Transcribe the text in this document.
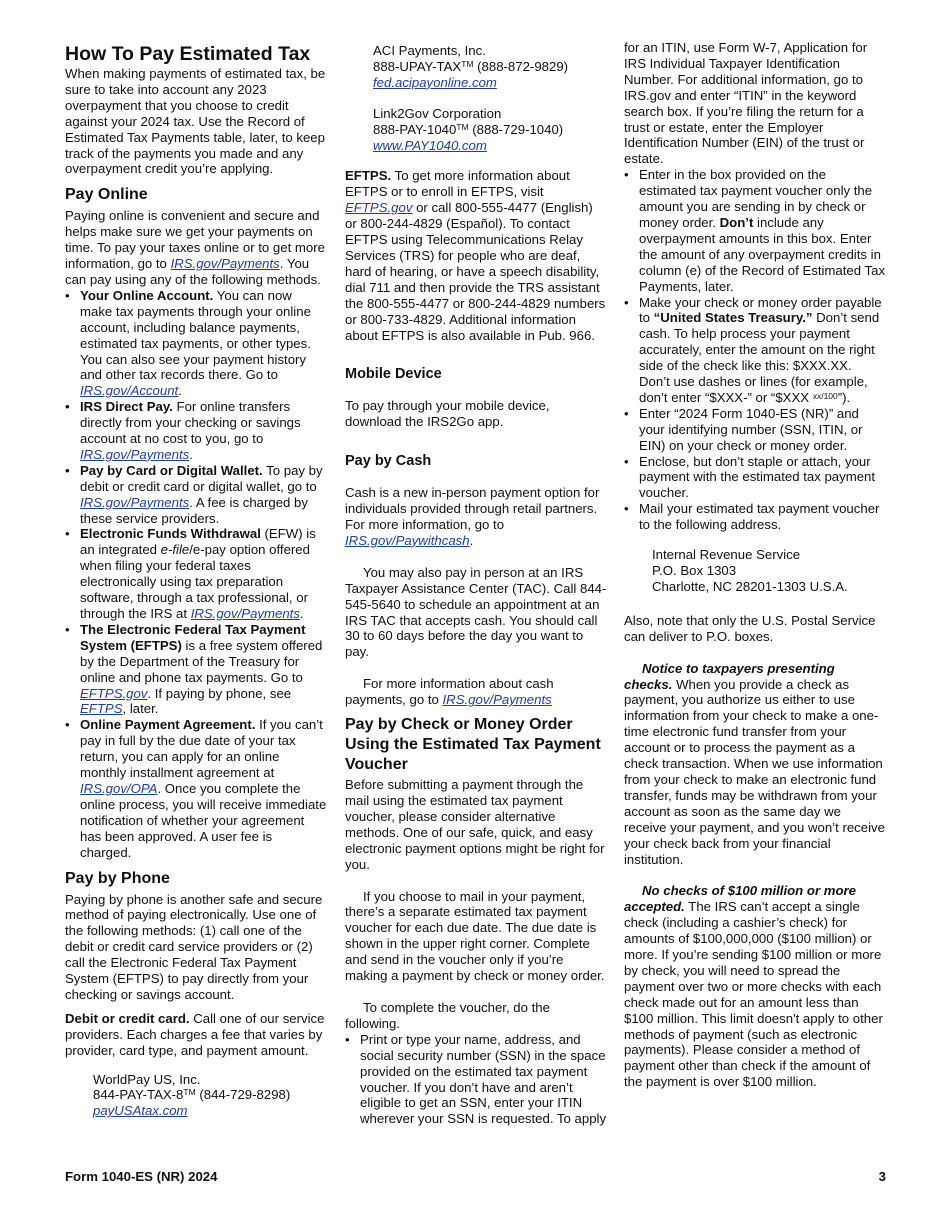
How To Pay Estimated Tax

When making payments of estimated tax, be sure to take into account any 2023 overpayment that you choose to credit against your 2024 tax. Use the Record of Estimated Tax Payments table, later, to keep track of the payments you made and any overpayment credit you’re applying.

Pay Online

Paying online is convenient and secure and helps make sure we get your payments on time. To pay your taxes online or to get more information, go to IRS.gov/Payments. You can pay using any of the following methods.

• Your Online Account. You can now make tax payments through your online account, including balance payments, estimated tax payments, or other types. You can also see your payment history and other tax records there. Go to IRS.gov/Account.

• IRS Direct Pay. For online transfers directly from your checking or savings account at no cost to you, go to IRS.gov/Payments.

• Pay by Card or Digital Wallet. To pay by debit or credit card or digital wallet, go to IRS.gov/Payments. A fee is charged by these service providers.

• Electronic Funds Withdrawal (EFW) is an integrated e-file/e-pay option offered when filing your federal taxes electronically using tax preparation software, through a tax professional, or through the IRS at IRS.gov/Payments.

• The Electronic Federal Tax Payment System (EFTPS) is a free system offered by the Department of the Treasury for online and phone tax payments. Go to EFTPS.gov. If paying by phone, see EFTPS, later.

• Online Payment Agreement. If you can’t pay in full by the due date of your tax return, you can apply for an online monthly installment agreement at IRS.gov/OPA. Once you complete the online process, you will receive immediate notification of whether your agreement has been approved. A user fee is charged.

Pay by Phone

Paying by phone is another safe and secure method of paying electronically. Use one of the following methods: (1) call one of the debit or credit card service providers or (2) call the Electronic Federal Tax Payment System (EFTPS) to pay directly from your checking or savings account.

Debit or credit card. Call one of our service providers. Each charges a fee that varies by provider, card type, and payment amount.

WorldPay US, Inc.
844-PAY-TAX-8™ (844-729-8298)
payUSAtax.com
ACI Payments, Inc.
888-UPAY-TAX™ (888-872-9829)
fed.acipayonline.com
Link2Gov Corporation
888-PAY-1040™ (888-729-1040)
www.PAY1040.com

EFTPS. To get more information about EFTPS or to enroll in EFTPS, visit EFTPS.gov or call 800-555-4477 (English) or 800-244-4829 (Español). To contact EFTPS using Telecommunications Relay Services (TRS) for people who are deaf, hard of hearing, or have a speech disability, dial 711 and then provide the TRS assistant the 800-555-4477 or 800-244-4829 numbers or 800-733-4829. Additional information about EFTPS is also available in Pub. 966.

Mobile Device

To pay through your mobile device, download the IRS2Go app.

Pay by Cash

Cash is a new in-person payment option for individuals provided through retail partners. For more information, go to IRS.gov/Paywithcash.

You may also pay in person at an IRS Taxpayer Assistance Center (TAC). Call 844-545-5640 to schedule an appointment at an IRS TAC that accepts cash. You should call 30 to 60 days before the day you want to pay.

For more information about cash payments, go to IRS.gov/Payments

Pay by Check or Money Order Using the Estimated Tax Payment Voucher

Before submitting a payment through the mail using the estimated tax payment voucher, please consider alternative methods. One of our safe, quick, and easy electronic payment options might be right for you.

If you choose to mail in your payment, there’s a separate estimated tax payment voucher for each due date. The due date is shown in the upper right corner. Complete and send in the voucher only if you’re making a payment by check or money order.

To complete the voucher, do the following.

• Print or type your name, address, and social security number (SSN) in the space provided on the estimated tax payment voucher. If you don’t have and aren’t eligible to get an SSN, enter your ITIN wherever your SSN is requested. To apply

for an ITIN, use Form W-7, Application for IRS Individual Taxpayer Identification Number. For additional information, go to IRS.gov and enter “ITIN” in the keyword search box. If you’re filing the return for a trust or estate, enter the Employer Identification Number (EIN) of the trust or estate.

• Enter in the box provided on the estimated tax payment voucher only the amount you are sending in by check or money order. Don’t include any overpayment amounts in this box. Enter the amount of any overpayment credits in column (e) of the Record of Estimated Tax Payments, later.

• Make your check or money order payable to “United States Treasury.” Don’t send cash. To help process your payment accurately, enter the amount on the right side of the check like this: $XXX.XX. Don’t use dashes or lines (for example, don’t enter “$XXX-” or “$XXX $^{xx/100}$”).

• Enter “2024 Form 1040-ES (NR)” and your identifying number (SSN, ITIN, or EIN) on your check or money order.

• Enclose, but don’t staple or attach, your payment with the estimated tax payment voucher.

• Mail your estimated tax payment voucher to the following address.

Internal Revenue Service
P.O. Box 1303
Charlotte, NC 28201-1303 U.S.A.

Also, note that only the U.S. Postal Service can deliver to P.O. boxes.

Notice to taxpayers presenting checks. When you provide a check as payment, you authorize us either to use information from your check to make a one-time electronic fund transfer from your account or to process the payment as a check transaction. When we use information from your check to make an electronic fund transfer, funds may be withdrawn from your account as soon as the same day we receive your payment, and you won’t receive your check back from your financial institution.

No checks of $100 million or more accepted. The IRS can’t accept a single check (including a cashier’s check) for amounts of $100,000,000 ($100 million) or more. If you’re sending $100 million or more by check, you will need to spread the payment over two or more checks with each check made out for an amount less than $100 million. This limit doesn't apply to other methods of payment (such as electronic payments). Please consider a method of payment other than check if the amount of the payment is over $100 million.

Form 1040-ES (NR) 2024	3
